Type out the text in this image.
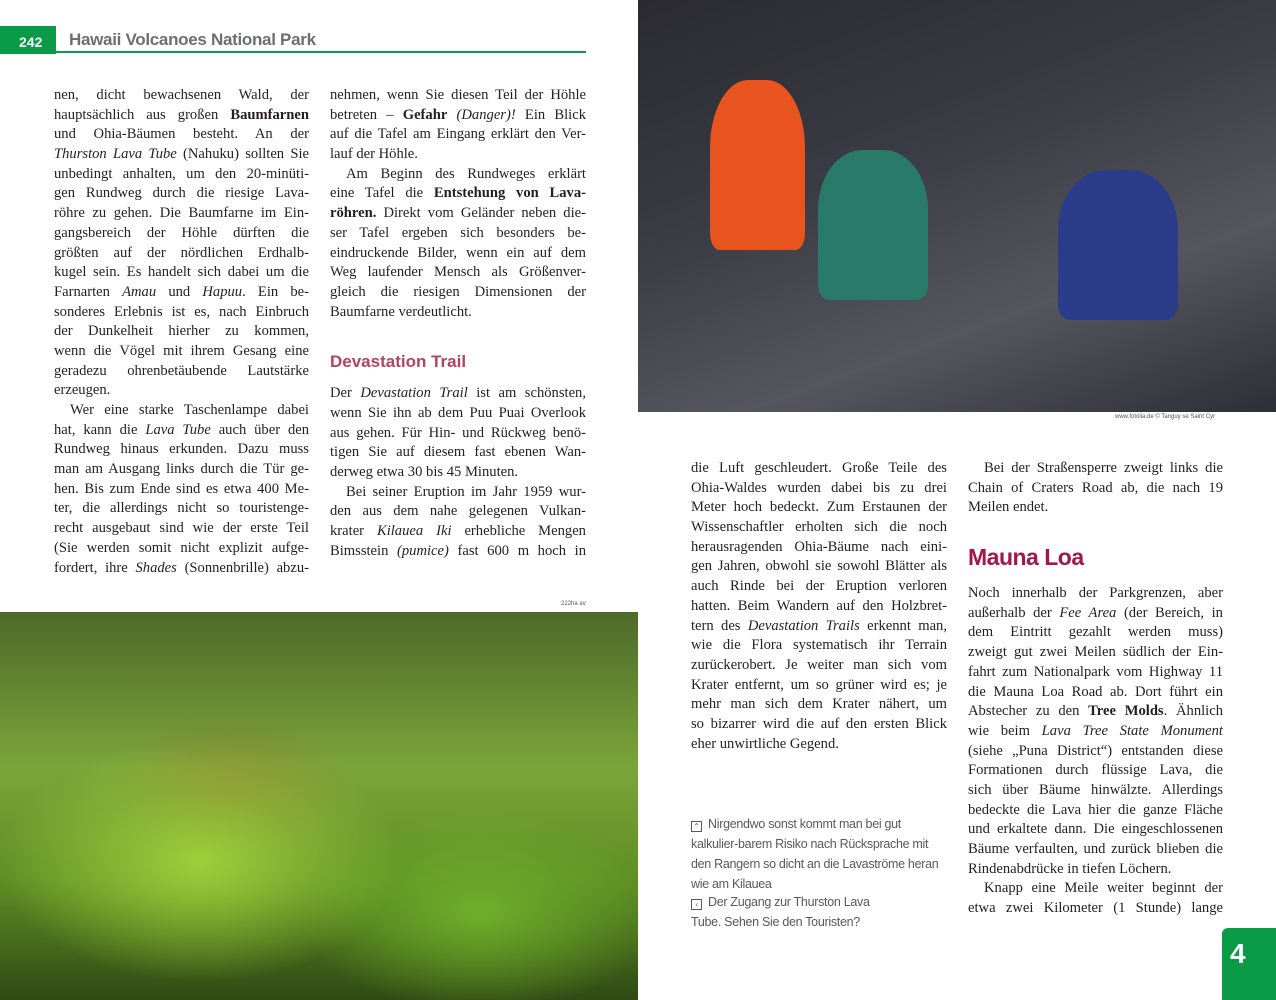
242	Hawaii Volcanoes National Park
nen, dicht bewachsenen Wald, der
hauptsächlich aus großen Baumfarnen
und Ohia-Bäumen besteht. An der
Thurston Lava Tube (Nahuku) sollten Sie
unbedingt anhalten, um den 20-minüti-
gen Rundweg durch die riesige Lava-
röhre zu gehen. Die Baumfarne im Ein-
gangsbereich der Höhle dürften die
größten auf der nördlichen Erdhalb-
kugel sein. Es handelt sich dabei um die
Farnarten Amau und Hapuu. Ein be-
sonderes Erlebnis ist es, nach Einbruch
der Dunkelheit hierher zu kommen,
wenn die Vögel mit ihrem Gesang eine
geradezu ohrenbetäubende Lautstärke
erzeugen.
Wer eine starke Taschenlampe dabei
hat, kann die Lava Tube auch über den
Rundweg hinaus erkunden. Dazu muss
man am Ausgang links durch die Tür ge-
hen. Bis zum Ende sind es etwa 400 Me-
ter, die allerdings nicht so touristenge-
recht ausgebaut sind wie der erste Teil
(Sie werden somit nicht explizit aufge-
fordert, ihre Shades (Sonnenbrille) abzu-
nehmen, wenn Sie diesen Teil der Höhle
betreten – Gefahr (Danger)! Ein Blick
auf die Tafel am Eingang erklärt den Ver-
lauf der Höhle.
Am Beginn des Rundweges erklärt
eine Tafel die Entstehung von Lava-
röhren. Direkt vom Geländer neben die-
ser Tafel ergeben sich besonders be-
eindruckende Bilder, wenn ein auf dem
Weg laufender Mensch als Größenver-
gleich die riesigen Dimensionen der
Baumfarne verdeutlicht.
Devastation Trail
Der Devastation Trail ist am schönsten,
wenn Sie ihn ab dem Puu Puai Overlook
aus gehen. Für Hin- und Rückweg benö-
tigen Sie auf diesem fast ebenen Wan-
derweg etwa 30 bis 45 Minuten.
Bei seiner Eruption im Jahr 1959 wur-
den aus dem nahe gelegenen Vulkan-
krater Kilauea Iki erhebliche Mengen
Bimsstein (pumice) fast 600 m hoch in
die Luft geschleudert. Große Teile des
Ohia-Waldes wurden dabei bis zu drei
Meter hoch bedeckt. Zum Erstaunen der
Wissenschaftler erholten sich die noch
herausragenden Ohia-Bäume nach eini-
gen Jahren, obwohl sie sowohl Blätter als
auch Rinde bei der Eruption verloren
hatten. Beim Wandern auf den Holzbret-
tern des Devastation Trails erkennt man,
wie die Flora systematisch ihr Terrain
zurückerobert. Je weiter man sich vom
Krater entfernt, um so grüner wird es; je
mehr man sich dem Krater nähert, um
so bizarrer wird die auf den ersten Blick
eher unwirtliche Gegend.
Bei der Straßensperre zweigt links die
Chain of Craters Road ab, die nach 19
Meilen endet.
Mauna Loa
Noch innerhalb der Parkgrenzen, aber
außerhalb der Fee Area (der Bereich, in
dem Eintritt gezahlt werden muss)
zweigt gut zwei Meilen südlich der Ein-
fahrt zum Nationalpark vom Highway 11
die Mauna Loa Road ab. Dort führt ein
Abstecher zu den Tree Molds. Ähnlich
wie beim Lava Tree State Monument
(siehe „Puna District“) entstanden diese
Formationen durch flüssige Lava, die
sich über Bäume hinwälzte. Allerdings
bedeckte die Lava hier die ganze Fläche
und erkaltete dann. Die eingeschlossenen
Bäume verfaulten, und zurück blieben die
Rindenabdrücke in tiefen Löchern.
Knapp eine Meile weiter beginnt der
etwa zwei Kilometer (1 Stunde) lange
www.fotolia.de © Tanguy se Saint Cyr
222ha av
⌃ Nirgendwo sonst kommt man bei gut kalkulier-barem Risiko nach Rücksprache mit den Rangern so dicht an die Lavaströme heran wie am Kilauea
‹ Der Zugang zur Thurston Lava Tube. Sehen Sie den Touristen?
4
